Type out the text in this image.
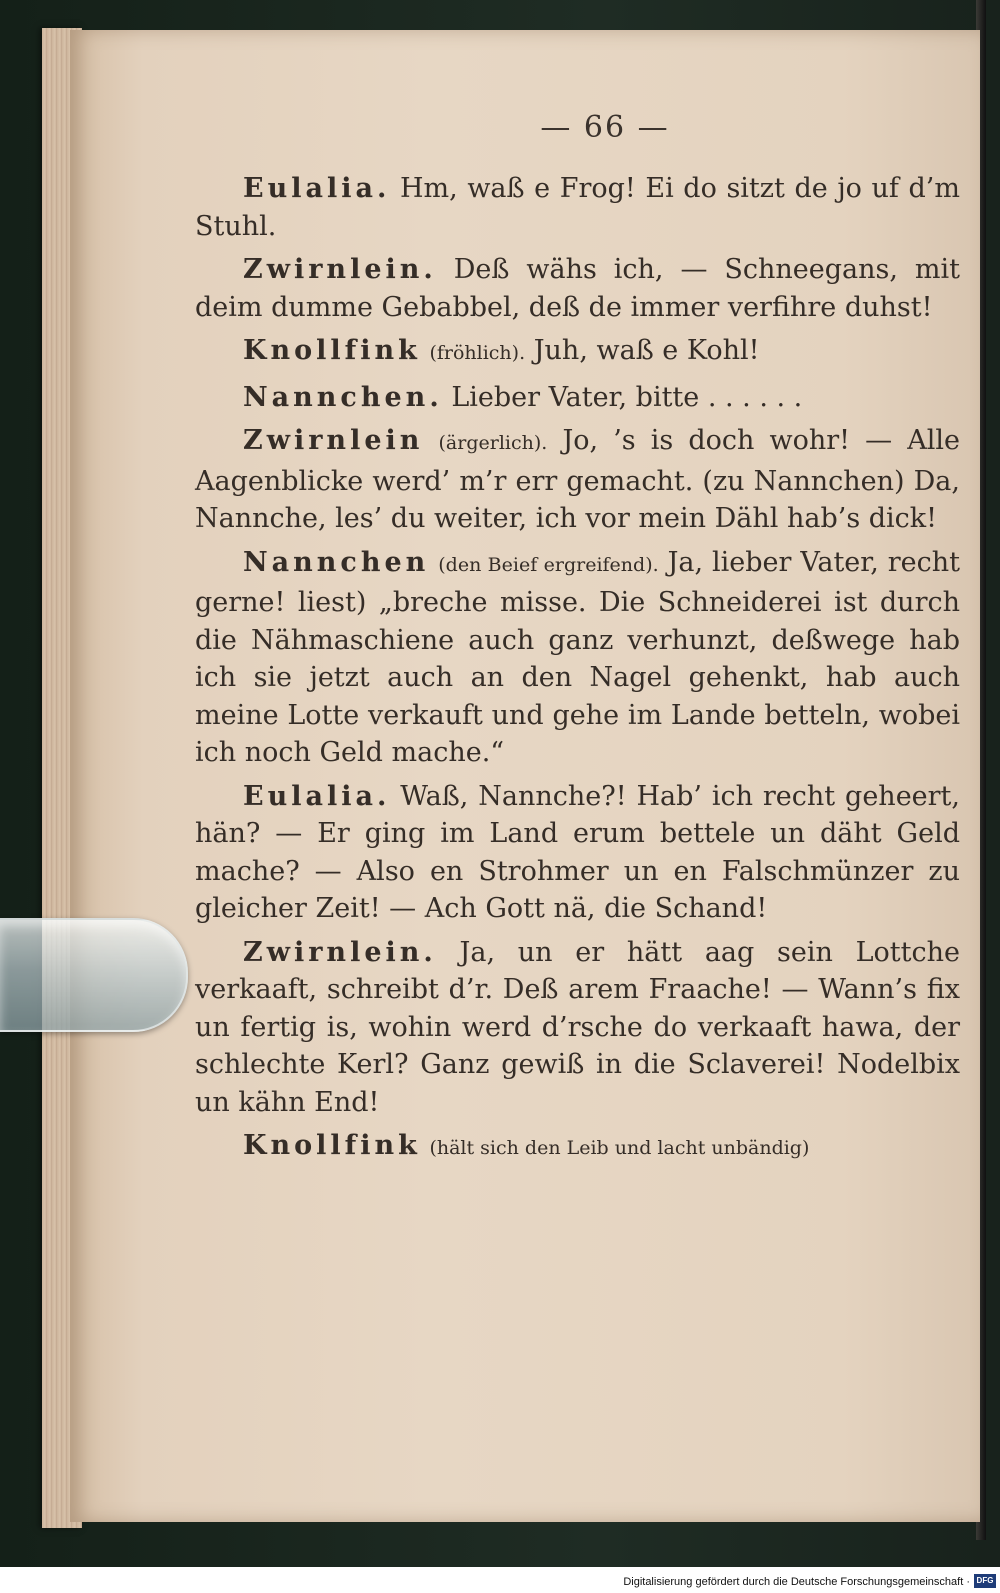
— 66 —

Eulalia. Hm, waß e Frog! Ei do sitzt de jo uf d’m Stuhl.

Zwirnlein. Deß wähs ich, — Schneegans, mit deim dumme Gebabbel, deß de immer verfihre duhst!

Knollfink (fröhlich). Juh, waß e Kohl!

Nannchen. Lieber Vater, bitte . . . . . .

Zwirnlein (ärgerlich). Jo, ’s is doch wohr! — Alle Aagenblicke werd’ m’r err gemacht. (zu Nannchen) Da, Nannche, les’ du weiter, ich vor mein Dähl hab’s dick!

Nannchen (den Beief ergreifend). Ja, lieber Vater, recht gerne! liest) „breche misse. Die Schneiderei ist durch die Nähmaschiene auch ganz verhunzt, deßwege hab ich sie jetzt auch an den Nagel gehenkt, hab auch meine Lotte verkauft und gehe im Lande betteln, wobei ich noch Geld mache.“

Eulalia. Waß, Nannche?! Hab’ ich recht geheert, hän? — Er ging im Land erum bettele un däht Geld mache? — Also en Strohmer un en Falschmünzer zu gleicher Zeit! — Ach Gott nä, die Schand!

Zwirnlein. Ja, un er hätt aag sein Lottche verkaaft, schreibt d’r. Deß arem Fraache! — Wann’s fix un fertig is, wohin werd d’rsche do verkaaft hawa, der schlechte Kerl? Ganz gewiß in die Sclaverei! Nodelbix un kähn End!

Knollfink (hält sich den Leib und lacht unbändig)

Digitalisierung gefördert durch die Deutsche Forschungsgemeinschaft · DFG
